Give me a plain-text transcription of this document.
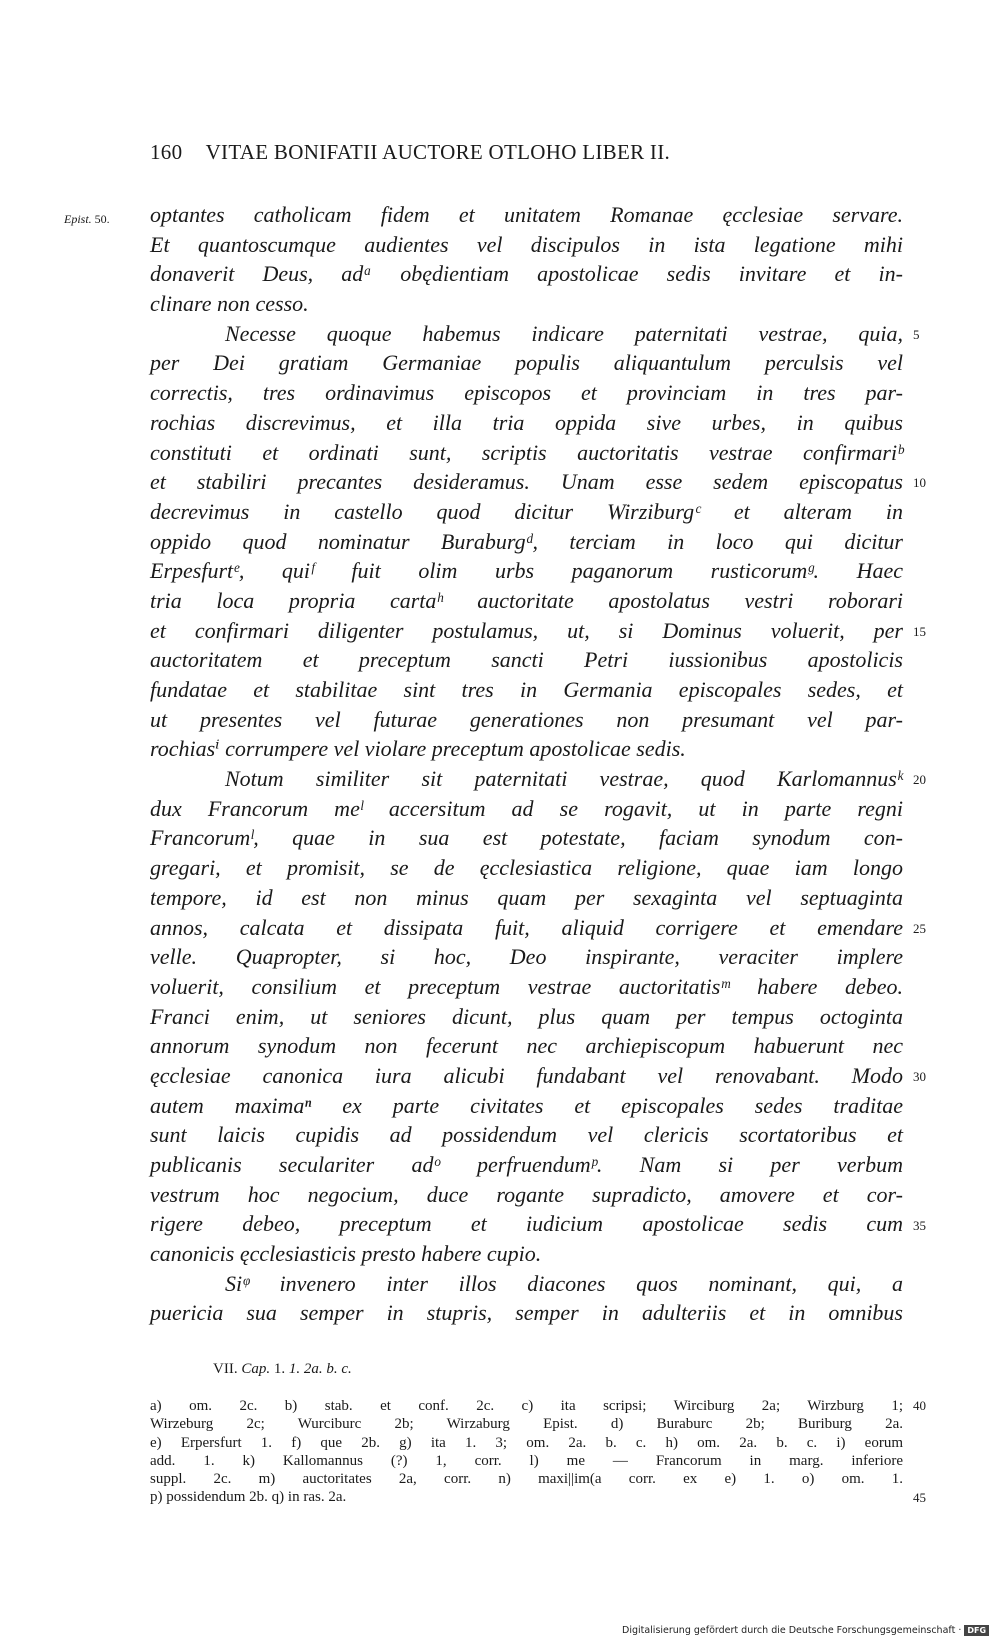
160 VITAE BONIFATII AUCTORE OTLOHO LIBER II.
Epist. 50. optantes catholicam fidem et unitatem Romanae ęcclesiae servare.
Et quantoscumque audientes vel discipulos in ista legatione mihi
donaverit Deus, adᵃ obędientiam apostolicae sedis invitare et in-
clinare non cesso.
Necesse quoque habemus indicare paternitati vestrae, quia,
per Dei gratiam Germaniae populis aliquantulum perculsis vel
correctis, tres ordinavimus episcopos et provinciam in tres par-
rochias discrevimus, et illa tria oppida sive urbes, in quibus
constituti et ordinati sunt, scriptis auctoritatis vestrae confirmariᵇ
et stabiliri precantes desideramus. Unam esse sedem episcopatus
decrevimus in castello quod dicitur Wirziburgᶜ et alteram in
oppido quod nominatur Buraburgᵈ, terciam in loco qui dicitur
Erpesfurtᵉ, quiᶠ fuit olim urbs paganorum rusticorumᵍ. Haec
tria loca propria cartaʰ auctoritate apostolatus vestri roborari
et confirmari diligenter postulamus, ut, si Dominus voluerit, per
auctoritatem et preceptum sancti Petri iussionibus apostolicis
fundatae et stabilitae sint tres in Germania episcopales sedes, et
ut presentes vel futurae generationes non presumant vel par-
rochiasⁱ corrumpere vel violare preceptum apostolicae sedis.
Notum similiter sit paternitati vestrae, quod Karlomannusᵏ
dux Francorum meˡ accersitum ad se rogavit, ut in parte regni
Francorumˡ, quae in sua est potestate, faciam synodum con-
gregari, et promisit, se de ęcclesiastica religione, quae iam longo
tempore, id est non minus quam per sexaginta vel septuaginta
annos, calcata et dissipata fuit, aliquid corrigere et emendare
velle. Quapropter, si hoc, Deo inspirante, veraciter implere
voluerit, consilium et preceptum vestrae auctoritatisᵐ habere debeo.
Franci enim, ut seniores dicunt, plus quam per tempus octoginta
annorum synodum non fecerunt nec archiepiscopum habuerunt nec
ęcclesiae canonica iura alicubi fundabant vel renovabant. Modo
autem maximaⁿ ex parte civitates et episcopales sedes traditae
sunt laicis cupidis ad possidendum vel clericis scortatoribus et
publicanis seculariter adᵒ perfruendumᵖ. Nam si per verbum
vestrum hoc negocium, duce rogante supradicto, amovere et cor-
rigere debeo, preceptum et iudicium apostolicae sedis cum
canonicis ęcclesiasticis presto habere cupio.
Siᵠ invenero inter illos diacones quos nominant, qui, a
puericia sua semper in stupris, semper in adulteriis et in omnibus
5
10
15
20
25
30
35
VII. Cap. 1. 1. 2a. b. c.
a) om. 2c. b) stab. et conf. 2c. c) ita scripsi; Wirciburg 2a; Wirzburg 1;
Wirzeburg 2c; Wurciburc 2b; Wirzaburg Epist. d) Buraburc 2b; Buriburg 2a.
e) Erpersfurt 1. f) que 2b. g) ita 1. 3; om. 2a. b. c. h) om. 2a. b. c. i) eorum
add. 1. k) Kallomannus (?) 1, corr. l) me — Francorum in marg. inferiore
suppl. 2c. m) auctoritates 2a, corr. n) maxi||im(a corr. ex e) 1. o) om. 1.
p) possidendum 2b. q) in ras. 2a.
40
45
Digitalisierung gefördert durch die Deutsche Forschungsgemeinschaft · DFG
